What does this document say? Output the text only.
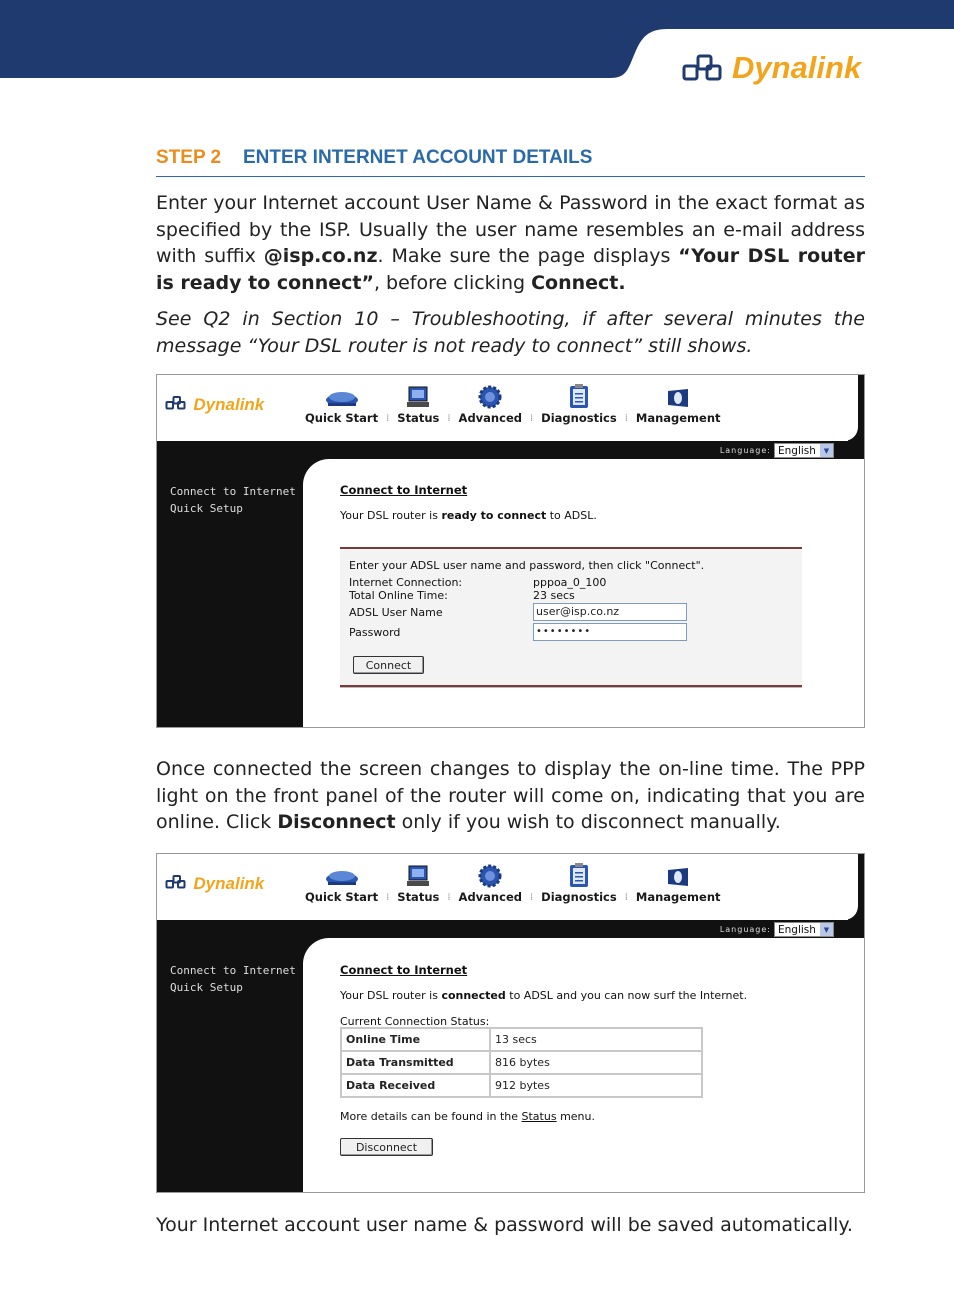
Dynalink
STEP 2 ENTER INTERNET ACCOUNT DETAILS
Enter your Internet account User Name & Password in the exact format as specified by the ISP. Usually the user name resembles an e-mail address with suffix @isp.co.nz. Make sure the page displays “Your DSL router is ready to connect”, before clicking Connect.
See Q2 in Section 10 – Troubleshooting, if after several minutes the message “Your DSL router is not ready to connect” still shows.
Dynalink
Quick Start ⁞ Status ⁞ Advanced ⁞ Diagnostics ⁞ Management
Language: English	▼
Connect to Internet
Quick Setup
Connect to Internet
Your DSL router is ready to connect to ADSL.
Enter your ADSL user name and password, then click "Connect".
Internet Connection:	pppoa_0_100
Total Online Time:	23 secs
ADSL User Name	user@isp.co.nz
Password	••••••••
Connect
Once connected the screen changes to display the on-line time. The PPP light on the front panel of the router will come on, indicating that you are online. Click Disconnect only if you wish to disconnect manually.
Dynalink
Quick Start ⁞ Status ⁞ Advanced ⁞ Diagnostics ⁞ Management
Language: English	▼
Connect to Internet
Quick Setup
Connect to Internet
Your DSL router is connected to ADSL and you can now surf the Internet.
Current Connection Status:
Online Time	13 secs
Data Transmitted	816 bytes
Data Received	912 bytes
More details can be found in the Status menu.
Disconnect
Your Internet account user name & password will be saved automatically.
